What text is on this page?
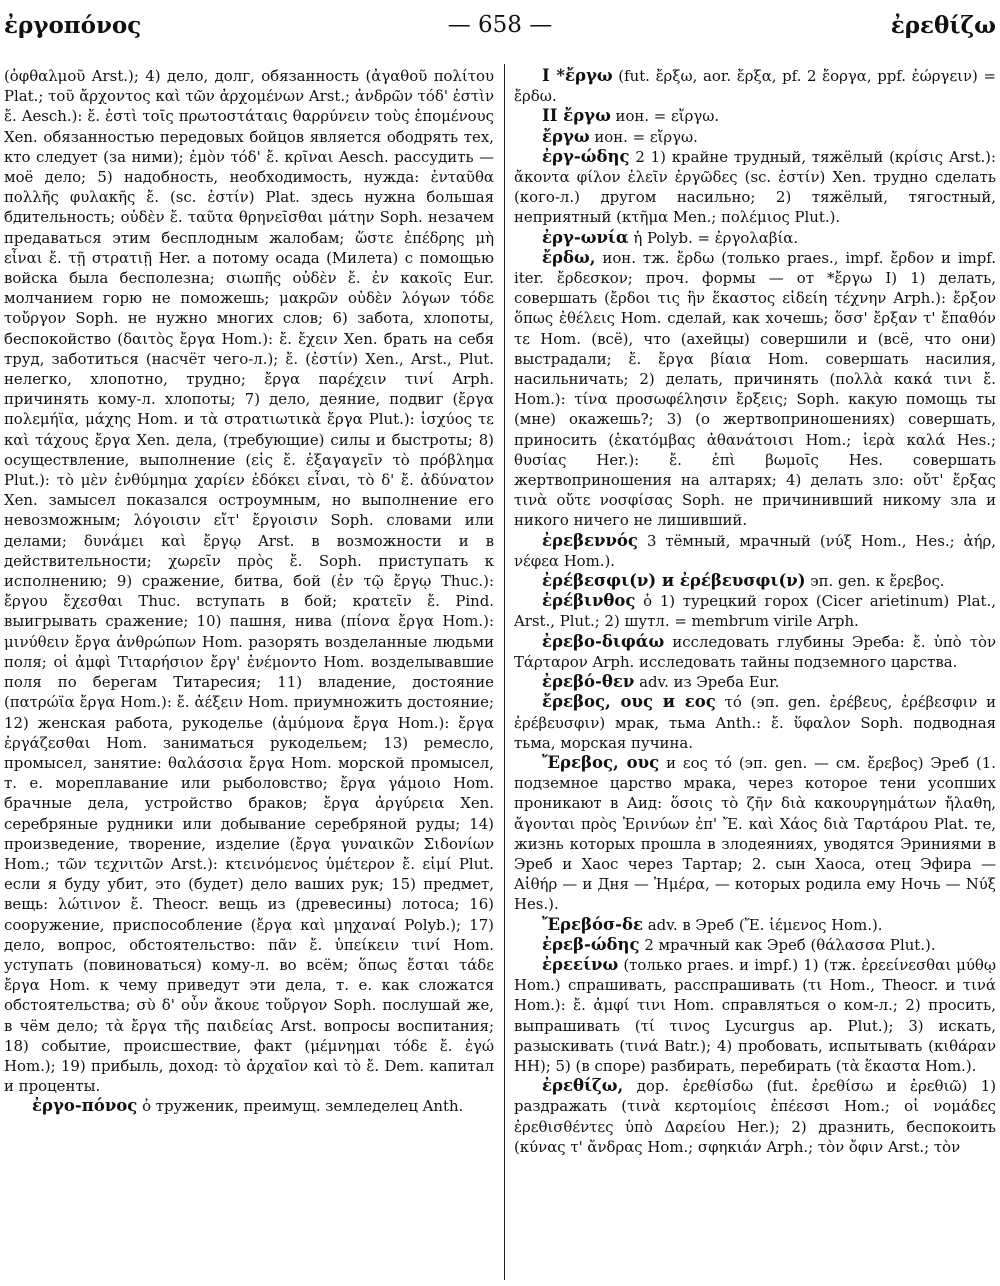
ἐργοπόνος	— 658 —	ἐρεθίζω

(ὀφθαλμοῦ Arst.); 4) дело, долг, обязанность (ἀγαθοῦ πολίτου Plat.; τοῦ ἄρχοντος καὶ τῶν ἀρχομένων Arst.; ἀνδρῶν τόδ' ἐστὶν ἔ. Aesch.): ἔ. ἐστὶ τοῖς πρωτοστάταις θαρρύνειν τοὺς ἑπομένους Xen. обязанностью передовых бойцов является ободрять тех, кто следует (за ними); ἐμὸν τόδ' ἔ. κρῖναι Aesch. рассудить — моё дело; 5) надобность, необходимость, нужда: ἐνταῦθα πολλῆς φυλακῆς ἔ. (sc. ἐστίν) Plat. здесь нужна большая бдительность; οὐδὲν ἔ. ταῦτα θρηνεῖσθαι μάτην Soph. незачем предаваться этим бесплодным жалобам; ὥστε ἐπέδρης μὴ εἶναι ἔ. τῇ στρατιῇ Her. а потому осада (Милета) с помощью войска была бесполезна; σιωπῆς οὐδὲν ἔ. ἐν κακοῖς Eur. молчанием горю не поможешь; μακρῶν οὐδὲν λόγων τόδε τοὔργον Soph. не нужно многих слов; 6) забота, хлопоты, беспокойство (δαιτὸς ἔργα Hom.): ἔ. ἔχειν Xen. брать на себя труд, заботиться (насчёт чего-л.); ἔ. (ἐστίν) Xen., Arst., Plut. нелегко, хлопотно, трудно; ἔργα παρέχειν τινί Arph. причинять кому-л. хлопоты; 7) дело, деяние, подвиг (ἔργα πολεμήϊα, μάχης Hom. и τὰ στρατιωτικὰ ἔργα Plut.): ἰσχύος τε καὶ τάχους ἔργα Xen. дела, (требующие) силы и быстроты; 8) осуществление, выполнение (εἰς ἔ. ἐξαγαγεῖν τὸ πρόβλημα Plut.): τὸ μὲν ἐνθύμημα χαρίεν ἐδόκει εἶναι, τὸ δ' ἔ. ἀδύνατον Xen. замысел показался остроумным, но выполнение его невозможным; λόγοισιν εἴτ' ἔργοισιν Soph. словами или делами; δυνάμει καὶ ἔργῳ Arst. в возможности и в действительности; χωρεῖν πρὸς ἔ. Soph. приступать к исполнению; 9) сражение, битва, бой (ἐν τῷ ἔργῳ Thuc.): ἔργου ἔχεσθαι Thuc. вступать в бой; κρατεῖν ἔ. Pind. выигрывать сражение; 10) пашня, нива (πίονα ἔργα Hom.): μινύθειν ἔργα ἀνθρώπων Hom. разорять возделанные людьми поля; οἱ ἀμφὶ Τιταρήσιον ἔργ' ἐνέμοντο Hom. возделывавшие поля по берегам Титаресия; 11) владение, достояние (πατρώϊα ἔργα Hom.): ἔ. ἀέξειν Hom. приумножить достояние; 12) женская работа, рукоделье (ἀμύμονα ἔργα Hom.): ἔργα ἐργάζεσθαι Hom. заниматься рукодельем; 13) ремесло, промысел, занятие: θαλάσσια ἔργα Hom. морской промысел, т. е. мореплавание или рыболовство; ἔργα γάμοιο Hom. брачные дела, устройство браков; ἔργα ἀργύρεια Xen. серебряные рудники или добывание серебряной руды; 14) произведение, творение, изделие (ἔργα γυναικῶν Σιδονίων Hom.; τῶν τεχνιτῶν Arst.): κτεινόμενος ὑμέτερον ἔ. εἰμί Plut. если я буду убит, это (будет) дело ваших рук; 15) предмет, вещь: λώτινον ἔ. Theocr. вещь из (древесины) лотоса; 16) сооружение, приспособление (ἔργα καὶ μηχαναί Polyb.); 17) дело, вопрос, обстоятельство: πᾶν ἔ. ὑπείκειν τινί Hom. уступать (повиноваться) кому-л. во всём; ὅπως ἔσται τάδε ἔργα Hom. к чему приведут эти дела, т. е. как сложатся обстоятельства; σὺ δ' οὖν ἄκουε τοὔργον Soph. послушай же, в чём дело; τὰ ἔργα τῆς παιδείας Arst. вопросы воспитания; 18) событие, происшествие, факт (μέμνημαι τόδε ἔ. ἐγώ Hom.); 19) прибыль, доход: τὸ ἀρχαῖον καὶ τὸ ἔ. Dem. капитал и проценты.

ἐργο-πόνος ὁ труженик, преимущ. земледелец Anth.

I *ἔργω (fut. ἔρξω, aor. ἔρξα, pf. 2 ἔοργα, ppf. ἐώργειν) = ἔρδω.

II ἔργω ион. = εἴργω.

ἔργω ион. = εἴργω.

ἐργ-ώδης 2 1) крайне трудный, тяжёлый (κρίσις Arst.): ἄκοντα φίλον ἐλεῖν ἐργῶδες (sc. ἐστίν) Xen. трудно сделать (кого-л.) другом насильно; 2) тяжёлый, тягостный, неприятный (κτῆμα Men.; πολέμιος Plut.).

ἐργ-ωνία ἡ Polyb. = ἐργολαβία.

ἔρδω, ион. тж. ἔρδω (только praes., impf. ἔρδον и impf. iter. ἔρδεσκον; проч. формы — от *ἔργω I) 1) делать, совершать (ἔρδοι τις ἣν ἕκαστος εἰδείη τέχνην Arph.): ἔρξον ὅπως ἐθέλεις Hom. сделай, как хочешь; ὅσσ' ἔρξαν τ' ἔπαθόν τε Hom. (всё), что (ахейцы) совершили и (всё, что они) выстрадали; ἔ. ἔργα βίαια Hom. совершать насилия, насильничать; 2) делать, причинять (πολλὰ κακά τινι ἔ. Hom.): τίνα προσωφέλησιν ἔρξεις; Soph. какую помощь ты (мне) окажешь?; 3) (о жертвоприношениях) совершать, приносить (ἑκατόμβας ἀθανάτοισι Hom.; ἱερὰ καλά Hes.; θυσίας Her.): ἔ. ἐπὶ βωμοῖς Hes. совершать жертвоприношения на алтарях; 4) делать зло: οὔτ' ἔρξας τινὰ οὔτε νοσφίσας Soph. не причинивший никому зла и никого ничего не лишивший.

ἐρεβεννός 3 тёмный, мрачный (νύξ Hom., Hes.; ἀήρ, νέφεα Hom.).

ἐρέβεσφι(ν) и ἐρέβευσφι(ν) эп. gen. к ἔρεβος.

ἐρέβινθος ὁ 1) турецкий горох (Cicer arietinum) Plat., Arst., Plut.; 2) шутл. = membrum virile Arph.

ἐρεβο-διφάω исследовать глубины Эреба: ἔ. ὑπὸ τὸν Τάρταρον Arph. исследовать тайны подземного царства.

ἐρεβό-θεν adv. из Эреба Eur.

ἔρεβος, ους и εος τό (эп. gen. ἐρέβευς, ἐρέβεσφιν и ἐρέβευσφιν) мрак, тьма Anth.: ἔ. ὕφαλον Soph. подводная тьма, морская пучина.

Ἔρεβος, ους и εος τό (эп. gen. — см. ἔρεβος) Эреб (1. подземное царство мрака, через которое тени усопших проникают в Аид: ὅσοις τὸ ζῆν διὰ κακουργημάτων ἤλαθη, ἄγονται πρὸς Ἐρινύων ἐπ' Ἔ. καὶ Χάος διὰ Ταρτάρου Plat. те, жизнь которых прошла в злодеяниях, уводятся Эриниями в Эреб и Хаос через Тартар; 2. сын Хаоса, отец Эфира — Αἰθήρ — и Дня — Ἡμέρα, — которых родила ему Ночь — Νύξ Hes.).

Ἔρεβόσ-δε adv. в Эреб (Ἔ. ἱέμενος Hom.).

ἐρεβ-ώδης 2 мрачный как Эреб (θάλασσα Plut.).

ἐρεείνω (только praes. и impf.) 1) (тж. ἐρεείνεσθαι μύθῳ Hom.) спрашивать, расспрашивать (τι Hom., Theocr. и τινά Hom.): ἔ. ἀμφί τινι Hom. справляться о ком-л.; 2) просить, выпрашивать (τί τινος Lycurgus ap. Plut.); 3) искать, разыскивать (τινά Batr.); 4) пробовать, испытывать (κιθάραν HH); 5) (в споре) разбирать, перебирать (τὰ ἕκαστα Hom.).

ἐρεθίζω, дор. ἐρεθίσδω (fut. ἐρεθίσω и ἐρεθιῶ) 1) раздражать (τινὰ κερτομίοις ἐπέεσσι Hom.; οἱ νομάδες ἐρεθισθέντες ὑπὸ Δαρείου Her.); 2) дразнить, беспокоить (κύνας τ' ἄνδρας Hom.; σφηκιάν Arph.; τὸν ὄφιν Arst.; τὸν
